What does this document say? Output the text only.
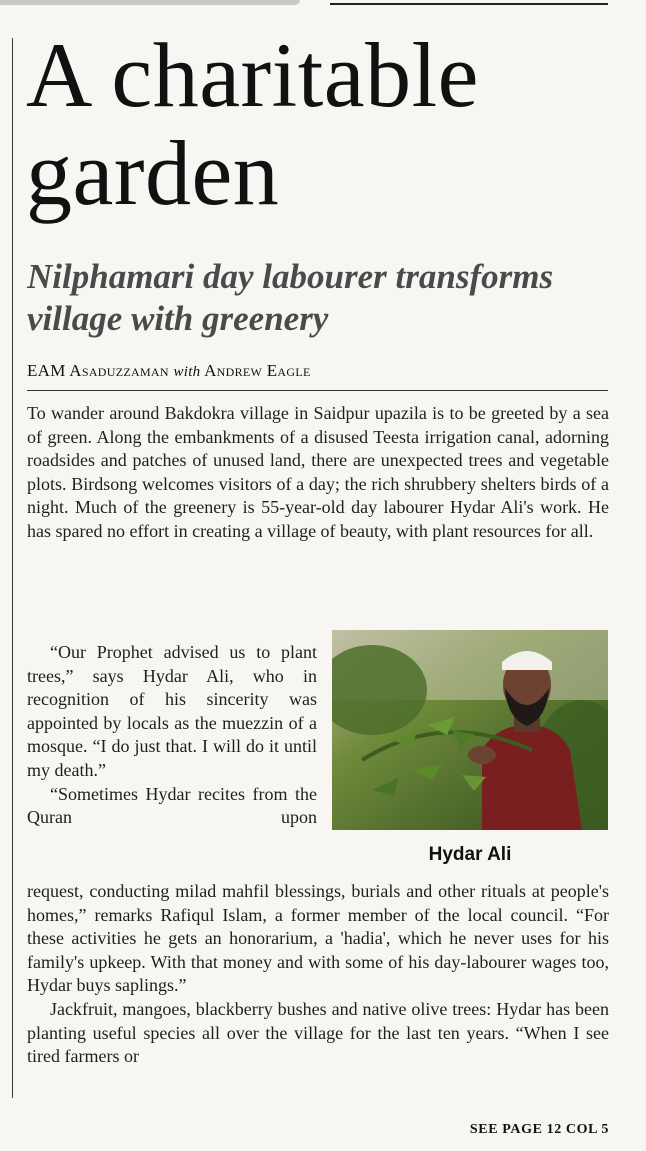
A charitable garden
Nilphamari day labourer transforms village with greenery
EAM Asaduzzaman with Andrew Eagle

To wander around Bakdokra village in Saidpur upazila is to be greeted by a sea of green. Along the embankments of a disused Teesta irrigation canal, adorning roadsides and patches of unused land, there are unexpected trees and vegetable plots. Birdsong welcomes visitors of a day; the rich shrubbery shelters birds of a night. Much of the greenery is 55-year-old day labourer Hydar Ali's work. He has spared no effort in creating a village of beauty, with plant resources for all.

“Our Prophet advised us to plant trees,” says Hydar Ali, who in recognition of his sincerity was appointed by locals as the muezzin of a mosque. “I do just that. I will do it until my death.”

“Sometimes Hydar recites from the Quran upon

Hydar Ali

request, conducting milad mahfil blessings, burials and other rituals at people's homes,” remarks Rafiqul Islam, a former member of the local council. “For these activities he gets an honorarium, a 'hadia', which he never uses for his family's upkeep. With that money and with some of his day-labourer wages too, Hydar buys saplings.”

Jackfruit, mangoes, blackberry bushes and native olive trees: Hydar has been planting useful species all over the village for the last ten years. “When I see tired farmers or

SEE PAGE 12 COL 5
